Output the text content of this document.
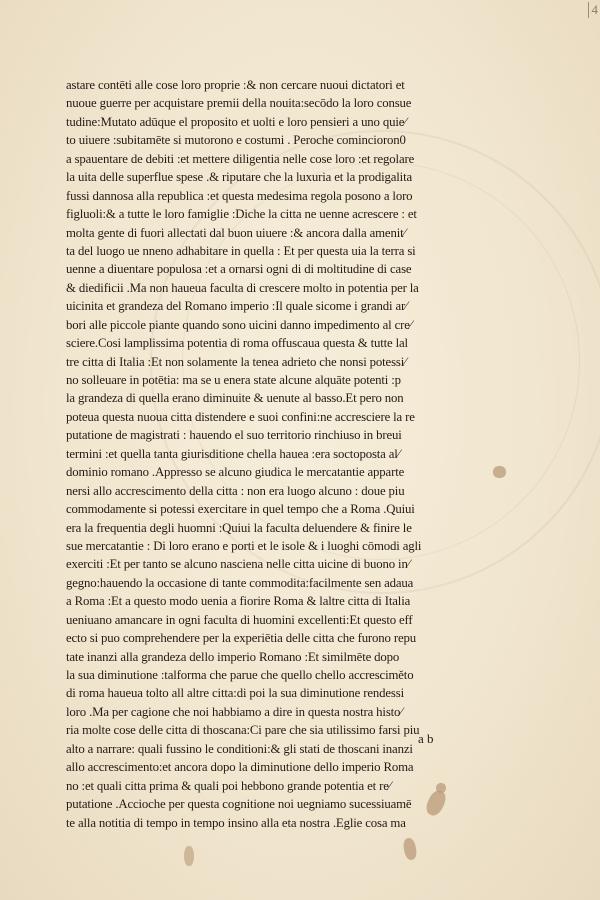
4
astare contēti alle cose loro proprie :& non cercare nuoui dictatori et
nuoue guerre per acquistare premii della nouita:secōdo la loro consue
tudine:Mutato adūque el proposito et uolti e loro pensieri a uno quie⁄
to uiuere :subitamēte si mutorono e costumi . Peroche comincioron0
a spauentare de debiti :et mettere diligentia nelle cose loro :et regolare
la uita delle superflue spese .& riputare che la luxuria et la prodigalita
fussi dannosa alla republica :et questa medesima regola posono a loro
figluoli:& a tutte le loro famiglie :Diche la citta ne uenne acrescere : et
molta gente di fuori allectati dal buon uiuere :& ancora dalla amenit⁄
ta del luogo ue nneno adhabitare in quella : Et per questa uia la terra si
uenne a diuentare populosa :et a ornarsi ogni di di moltitudine di case
& diedificii .Ma non haueua faculta di crescere molto in potentia per la
uicinita et grandeza del Romano imperio :Il quale sicome i grandi ar⁄
bori alle piccole piante quando sono uicini danno impedimento al cre⁄
sciere.Cosi lamplissima potentia di roma offuscaua questa & tutte lal
tre citta di Italia :Et non solamente la tenea adrieto che nonsi potessi⁄
no solleuare in potētia: ma se u enera state alcune alquāte potenti :p
la grandeza di quella erano diminuite & uenute al basso.Et pero non
poteua questa nuoua citta distendere e suoi confini:ne accresciere la re
putatione de magistrati : hauendo el suo territorio rinchiuso in breui
termini :et quella tanta giurisditione chella hauea :era soctoposta al⁄
dominio romano .Appresso se alcuno giudica le mercatantie apparte
nersi allo accrescimento della citta : non era luogo alcuno : doue piu
commodamente si potessi exercitare in quel tempo che a Roma .Quiui
era la frequentia degli huomni :Quiui la faculta deluendere & finire le
sue mercatantie : Di loro erano e porti et le isole & i luoghi cōmodi agli
exerciti :Et per tanto se alcuno nasciena nelle citta uicine di buono in⁄
gegno:hauendo la occasione di tante commodita:facilmente sen adaua
a Roma :Et a questo modo uenia a fiorire Roma & laltre citta di Italia
ueniuano amancare in ogni faculta di huomini excellenti:Et questo eff
ecto si puo comprehendere per la experiētia delle citta che furono repu
tate inanzi alla grandeza dello imperio Romano :Et similmēte dopo
la sua diminutione :talforma che parue che quello chello accresciměto
di roma haueua tolto all altre citta:di poi la sua diminutione rendessi
loro .Ma per cagione che noi habbiamo a dire in questa nostra histo⁄
ria molte cose delle citta di thoscana:Ci pare che sia utilissimo farsi piu
alto a narrare: quali fussino le conditioni:& gli stati de thoscani inanzi
allo accrescimento:et ancora dopo la diminutione dello imperio Roma
no :et quali citta prima & quali poi hebbono grande potentia et re⁄
putatione .Accioche per questa cognitione noi uegniamo sucessiuamē
te alla notitia di tempo in tempo insino alla eta nostra .Eglie cosa ma
a b
